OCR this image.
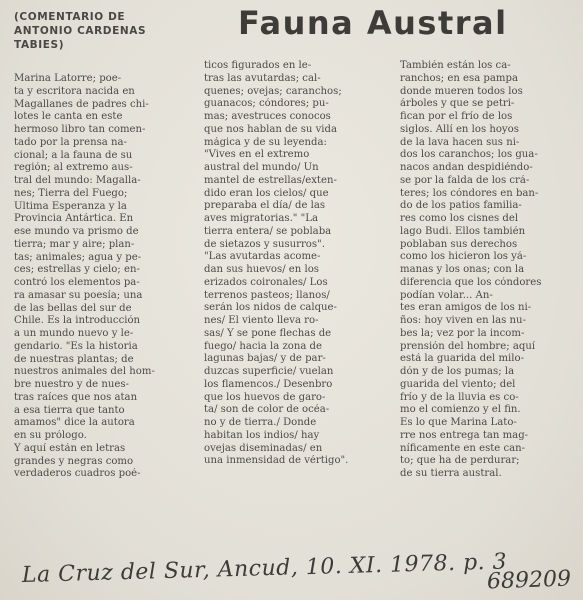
(COMENTARIO DE
ANTONIO CARDENAS
TABIES)
Fauna Austral
Marina Latorre; poe-
ta y escritora nacida en
Magallanes de padres chi-
lotes le canta en este
hermoso libro tan comen-
tado por la prensa na-
cional; a la fauna de su
región; al extremo aus-
tral del mundo: Magalla-
nes; Tierra del Fuego;
Ultima Esperanza y la
Provincia Antártica. En
ese mundo va prismo de
tierra; mar y aire; plan-
tas; animales; agua y pe-
ces; estrellas y cielo; en-
contró los elementos pa-
ra amasar su poesía; una
de las bellas del sur de
Chile. Es la introducción
a un mundo nuevo y le-
gendario. "Es la historia
de nuestras plantas; de
nuestros animales del hom-
bre nuestro y de nues-
tras raíces que nos atan
a esa tierra que tanto
amamos" dice la autora
en su prólogo.
Y aquí están en letras
grandes y negras como
verdaderos cuadros poé-
ticos figurados en le-
tras las avutardas; cal-
quenes; ovejas; caranchos;
guanacos; cóndores; pu-
mas; avestruces conocos
que nos hablan de su vida
mágica y de su leyenda:
"Vives en el extremo
austral del mundo/ Un
mantel de estrellas/exten-
dido eran los cielos/ que
preparaba el día/ de las
aves migratorias." "La
tierra entera/ se poblaba
de sietazos y susurros".
"Las avutardas acome-
dan sus huevos/ en los
erizados coironales/ Los
terrenos pasteos; llanos/
serán los nidos de calque-
nes/ El viento lleva ro-
sas/ Y se pone flechas de
fuego/ hacia la zona de
lagunas bajas/ y de par-
duzcas superficie/ vuelan
los flamencos./ Desenbro
que los huevos de garo-
ta/ son de color de océa-
no y de tierra./ Donde
habitan los indios/ hay
ovejas diseminadas/ en
una inmensidad de vértigo".
También están los ca-
ranchos; en esa pampa
donde mueren todos los
árboles y que se petri-
fican por el frío de los
siglos. Allí en los hoyos
de la lava hacen sus ni-
dos los caranchos; los gua-
nacos andan despidiéndo-
se por la falda de los crá-
teres; los cóndores en ban-
do de los patios familia-
res como los cisnes del
lago Budi. Ellos también
poblaban sus derechos
como los hicieron los yá-
manas y los onas; con la
diferencia que los cóndores
podían volar... An-
tes eran amigos de los ni-
ños: hoy viven en las nu-
bes la; vez por la incom-
prensión del hombre; aquí
está la guarida del milo-
dón y de los pumas; la
guarida del viento; del
frío y de la lluvia es co-
mo el comienzo y el fin.
Es lo que Marina Lato-
rre nos entrega tan mag-
níficamente en este can-
to; que ha de perdurar;
de su tierra austral.
La Cruz del Sur, Ancud, 10. XI. 1978. p. 3
689209
